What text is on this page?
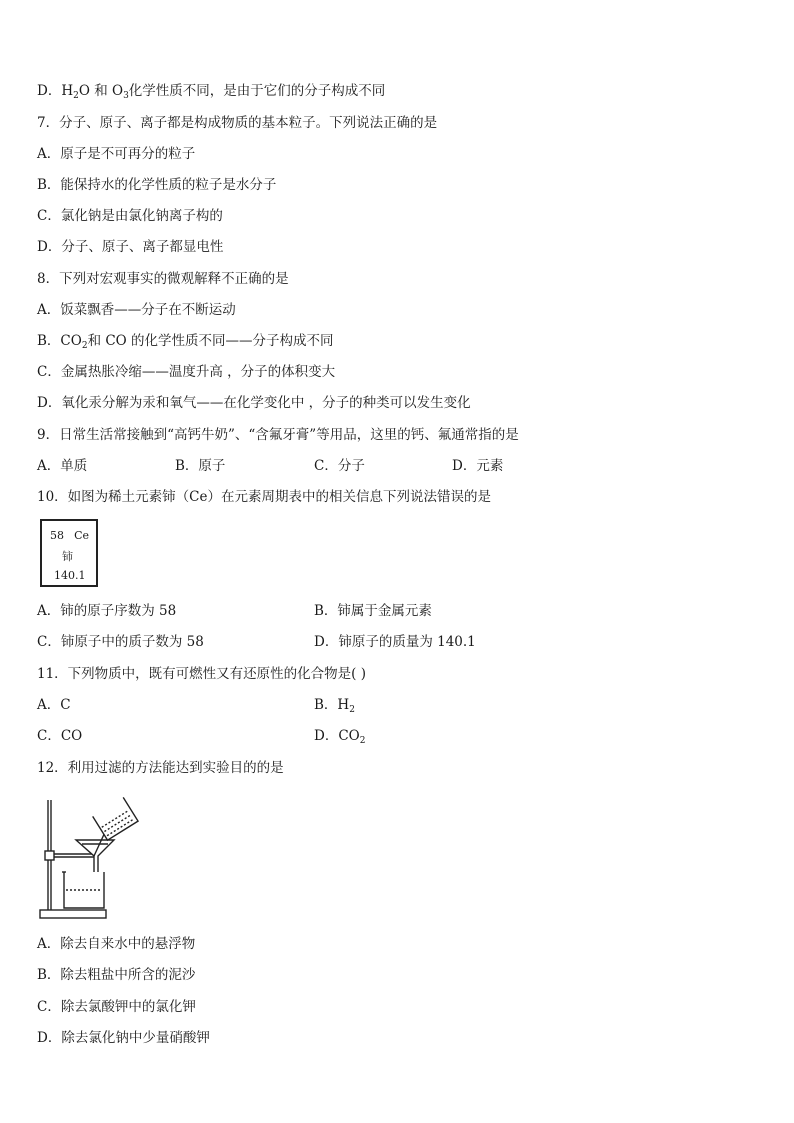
D．$H_2O$ 和 $O_3$化学性质不同，是由于它们的分子构成不同
7．分子、原子、离子都是构成物质的基本粒子。下列说法正确的是
A．原子是不可再分的粒子
B．能保持水的化学性质的粒子是水分子
C．氯化钠是由氯化钠离子构的
D．分子、原子、离子都显电性
8．下列对宏观事实的微观解释不正确的是
A．饭菜飘香——分子在不断运动
B．$CO_2$和 CO 的化学性质不同——分子构成不同
C．金属热胀冷缩——温度升高 ，分子的体积变大
D．氧化汞分解为汞和氧气——在化学变化中 ，分子的种类可以发生变化
9．日常生活常接触到“高钙牛奶”、“含氟牙膏”等用品，这里的钙、氟通常指的是
A．单质	B．原子	C．分子	D．元素
10．如图为稀土元素铈（Ce）在元素周期表中的相关信息下列说法错误的是
58 Ce
铈
140.1
A．铈的原子序数为 58	B．铈属于金属元素
C．铈原子中的质子数为 58	D．铈原子的质量为 140.1
11．下列物质中，既有可燃性又有还原性的化合物是( )
A．C	B．$H_2$
C．CO	D．$CO_2$
12．利用过滤的方法能达到实验目的的是
A．除去自来水中的悬浮物
B．除去粗盐中所含的泥沙
C．除去氯酸钾中的氯化钾
D．除去氯化钠中少量硝酸钾
